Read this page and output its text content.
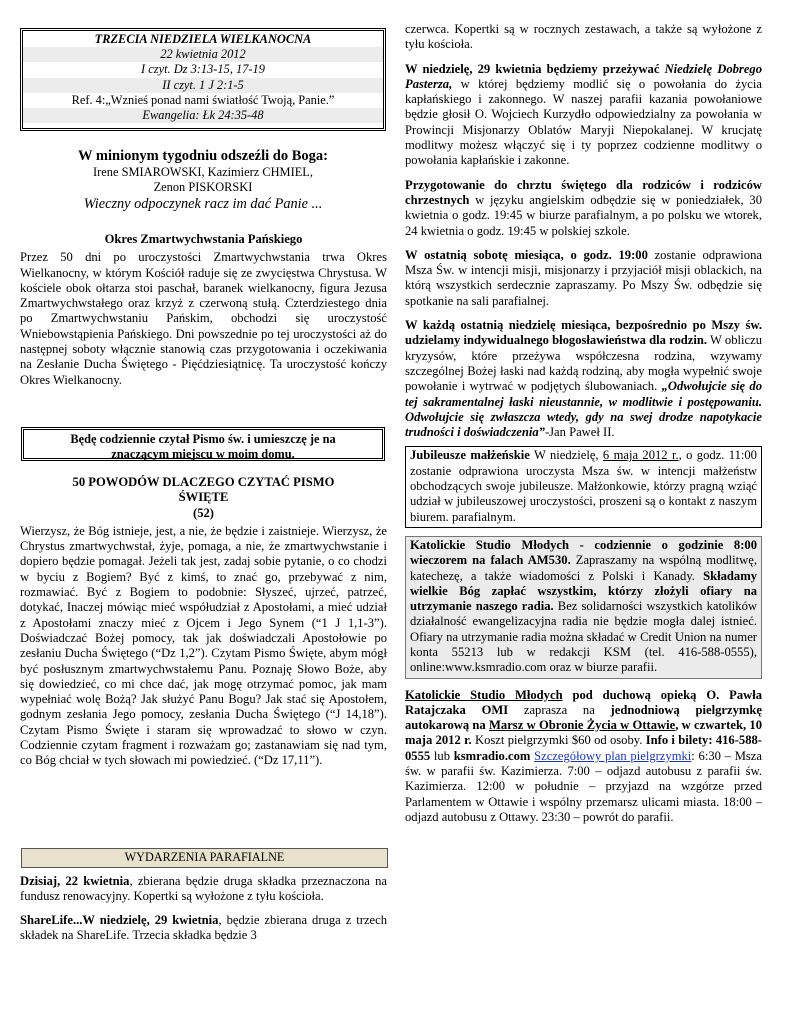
TRZECIA NIEDZIELA WIELKANOCNA
22 kwietnia 2012
I czyt. Dz 3:13-15, 17-19
II czyt. 1 J 2:1-5
Ref. 4:„Wznieś ponad nami światłość Twoją, Panie.”
Ewangelia: Łk 24:35-48
W minionym tygodniu odszeźli do Boga:
Irene SMIAROWSKI, Kazimierz CHMIEL,
Zenon PISKORSKI
Wieczny odpoczynek racz im dać Panie ...
Okres Zmartwychwstania Pańskiego

Przez 50 dni po uroczystości Zmartwychwstania trwa Okres Wielkanocny, w którym Kościół raduje się ze zwycięstwa Chrystusa. W kościele obok ołtarza stoi paschał, baranek wielkanocny, figura Jezusa Zmartwychwstałego oraz krzyż z czerwoną stułą. Czterdziestego dnia po Zmartwychwstaniu Pańskim, obchodzi się uroczystość Wniebowstąpienia Pańskiego. Dni powszednie po tej uroczystości aż do następnej soboty włącznie stanowią czas przygotowania i oczekiwania na Zesłanie Ducha Świętego - Pięćdziesiątnicę. Ta uroczystość kończy Okres Wielkanocny.

Będę codziennie czytał Pismo św. i umieszczę je na
znaczącym miejscu w moim domu.
50 POWODÓW DLACZEGO CZYTAĆ PISMO
ŚWIĘTE
(52)

Wierzysz, że Bóg istnieje, jest, a nie, że będzie i zaistnieje. Wierzysz, że Chrystus zmartwychwstał, żyje, pomaga, a nie, że zmartwychwstanie i dopiero będzie pomagał. Jeżeli tak jest, zadaj sobie pytanie, o co chodzi w byciu z Bogiem? Być z kimś, to znać go, przebywać z nim, rozmawiać. Być z Bogiem to podobnie: Słyszeć, ujrzeć, patrzeć, dotykać, Inaczej mówiąc mieć współudział z Apostołami, a mieć udział z Apostołami znaczy mieć z Ojcem i Jego Synem (“1 J 1,1-3”). Doświadczać Bożej pomocy, tak jak doświadczali Apostołowie po zesłaniu Ducha Świętego (“Dz 1,2”). Czytam Pismo Święte, abym mógł być posłusznym zmartwychwstałemu Panu. Poznaję Słowo Boże, aby się dowiedzieć, co mi chce dać, jak mogę otrzymać pomoc, jak mam wypełniać wolę Bożą? Jak służyć Panu Bogu? Jak stać się Apostołem, godnym zesłania Jego pomocy, zesłania Ducha Świętego (“J 14,18”). Czytam Pismo Święte i staram się wprowadzać to słowo w czyn. Codziennie czytam fragment i rozważam go; zastanawiam się nad tym, co Bóg chciał w tych słowach mi powiedzieć. (“Dz 17,11”).

WYDARZENIA PARAFIALNE

Dzisiaj, 22 kwietnia, zbierana będzie druga składka przeznaczona na fundusz renowacyjny. Kopertki są wyłożone z tyłu kościoła.

ShareLife...W niedzielę, 29 kwietnia, będzie zbierana druga z trzech składek na ShareLife. Trzecia składka będzie 3

czerwca. Kopertki są w rocznych zestawach, a także są wyłożone z tyłu kościoła.

W niedzielę, 29 kwietnia będziemy przeżywać Niedzielę Dobrego Pasterza, w której będziemy modlić się o powołania do życia kapłańskiego i zakonnego. W naszej parafii kazania powołaniowe będzie głosił O. Wojciech Kurzydło odpowiedzialny za powołania w Prowincji Misjonarzy Oblatów Maryji Niepokalanej. W krucjatę modlitwy możesz włączyć się i ty poprzez codzienne modlitwy o powołania kapłańskie i zakonne.

Przygotowanie do chrztu świętego dla rodziców i rodziców chrzestnych w języku angielskim odbędzie się w poniedziałek, 30 kwietnia o godz. 19:45 w biurze parafialnym, a po polsku we wtorek, 24 kwietnia o godz. 19:45 w polskiej szkole.

W ostatnią sobotę miesiąca, o godz. 19:00 zostanie odprawiona Msza Św. w intencji misji, misjonarzy i przyjaciół misji oblackich, na którą wszystkich serdecznie zapraszamy. Po Mszy Św. odbędzie się spotkanie na sali parafialnej.

W każdą ostatnią niedzielę miesiąca, bezpośrednio po Mszy św. udzielamy indywidualnego błogosławieństwa dla rodzin. W obliczu kryzysów, które przeżywa współczesna rodzina, wzywamy szczególnej Bożej łaski nad każdą rodziną, aby mogła wypełnić swoje powołanie i wytrwać w podjętych ślubowaniach. „Odwołujcie się do tej sakramentalnej łaski nieustannie, w modlitwie i postępowaniu. Odwołujcie się zwłaszcza wtedy, gdy na swej drodze napotykacie trudności i doświadczenia”-Jan Paweł II.

Jubileusze małżeńskie W niedzielę, 6 maja 2012 r., o godz. 11:00 zostanie odprawiona uroczysta Msza św. w intencji małżeństw obchodzących swoje jubileusze. Małżonkowie, którzy pragną wziąć udział w jubileuszowej uroczystości, proszeni są o kontakt z naszym biurem. parafialnym.

Katolickie Studio Młodych - codziennie o godzinie 8:00 wieczorem na falach AM530. Zapraszamy na wspólną modlitwę, katechezę, a także wiadomości z Polski i Kanady. Składamy wielkie Bóg zapłać wszystkim, którzy złożyli ofiary na utrzymanie naszego radia. Bez solidarności wszystkich katolików działalność ewangelizacyjna radia nie będzie mogła dalej istnieć. Ofiary na utrzymanie radia można składać w Credit Union na numer konta 55213 lub w redakcji KSM (tel. 416-588-0555), online:www.ksmradio.com oraz w biurze parafii.

Katolickie Studio Młodych pod duchową opieką O. Pawła Ratajczaka OMI zaprasza na jednodniową pielgrzymkę autokarową na Marsz w Obronie Życia w Ottawie, w czwartek, 10 maja 2012 r. Koszt pielgrzymki $60 od osoby. Info i bilety: 416-588-0555 lub ksmradio.com Szczegółowy plan pielgrzymki: 6:30 – Msza św. w parafii św. Kazimierza. 7:00 – odjazd autobusu z parafii św. Kazimierza. 12:00 w południe – przyjazd na wzgórze przed Parlamentem w Ottawie i wspólny przemarsz ulicami miasta. 18:00 – odjazd autobusu z Ottawy. 23:30 – powrót do parafii.
